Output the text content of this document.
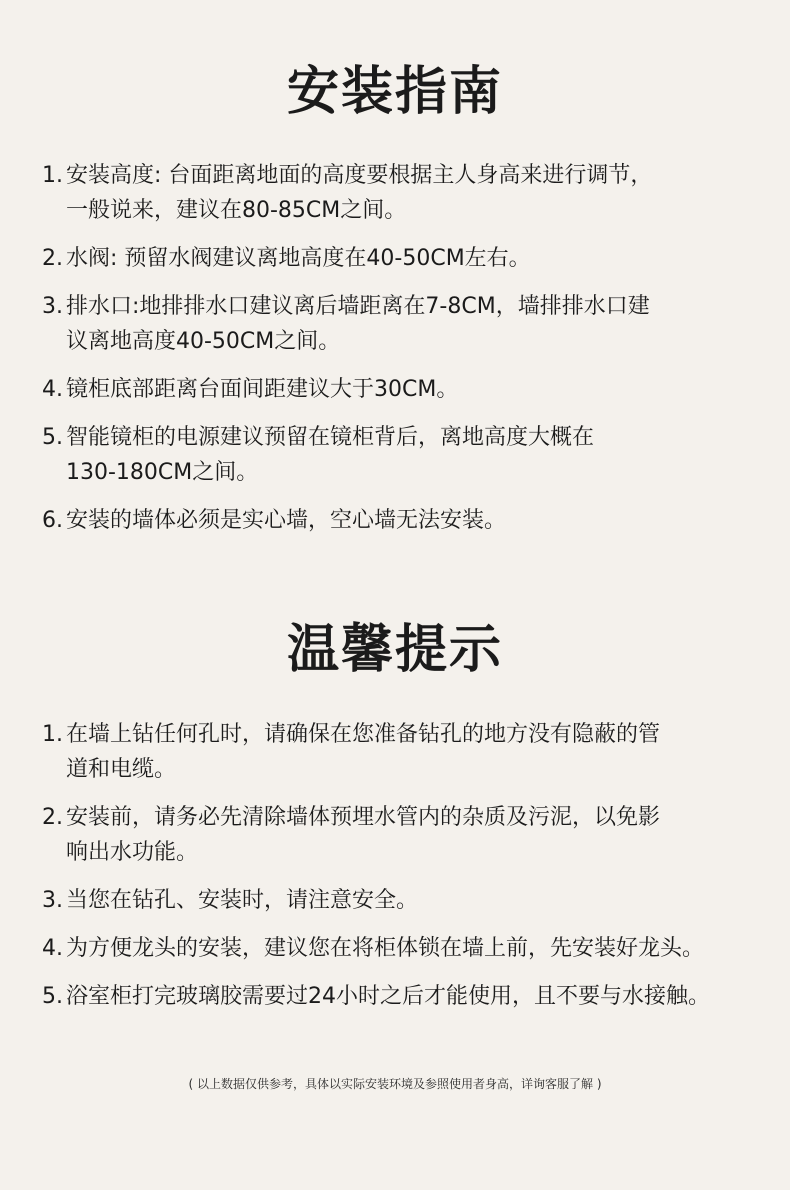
安装指南
1. 安装高度: 台面距离地面的高度要根据主人身高来进行调节，
一般说来，建议在80-85CM之间。
2. 水阀: 预留水阀建议离地高度在40-50CM左右。
3. 排水口:地排排水口建议离后墙距离在7-8CM，墙排排水口建
议离地高度40-50CM之间。
4. 镜柜底部距离台面间距建议大于30CM。
5. 智能镜柜的电源建议预留在镜柜背后，离地高度大概在
130-180CM之间。
6. 安装的墙体必须是实心墙，空心墙无法安装。
温馨提示
1. 在墙上钻任何孔时，请确保在您准备钻孔的地方没有隐蔽的管
道和电缆。
2. 安装前，请务必先清除墙体预埋水管内的杂质及污泥，以免影
响出水功能。
3. 当您在钻孔、安装时，请注意安全。
4. 为方便龙头的安装，建议您在将柜体锁在墙上前，先安装好龙头。
5. 浴室柜打完玻璃胶需要过24小时之后才能使用，且不要与水接触。
( 以上数据仅供参考，具体以实际安装环境及参照使用者身高，详询客服了解 )
